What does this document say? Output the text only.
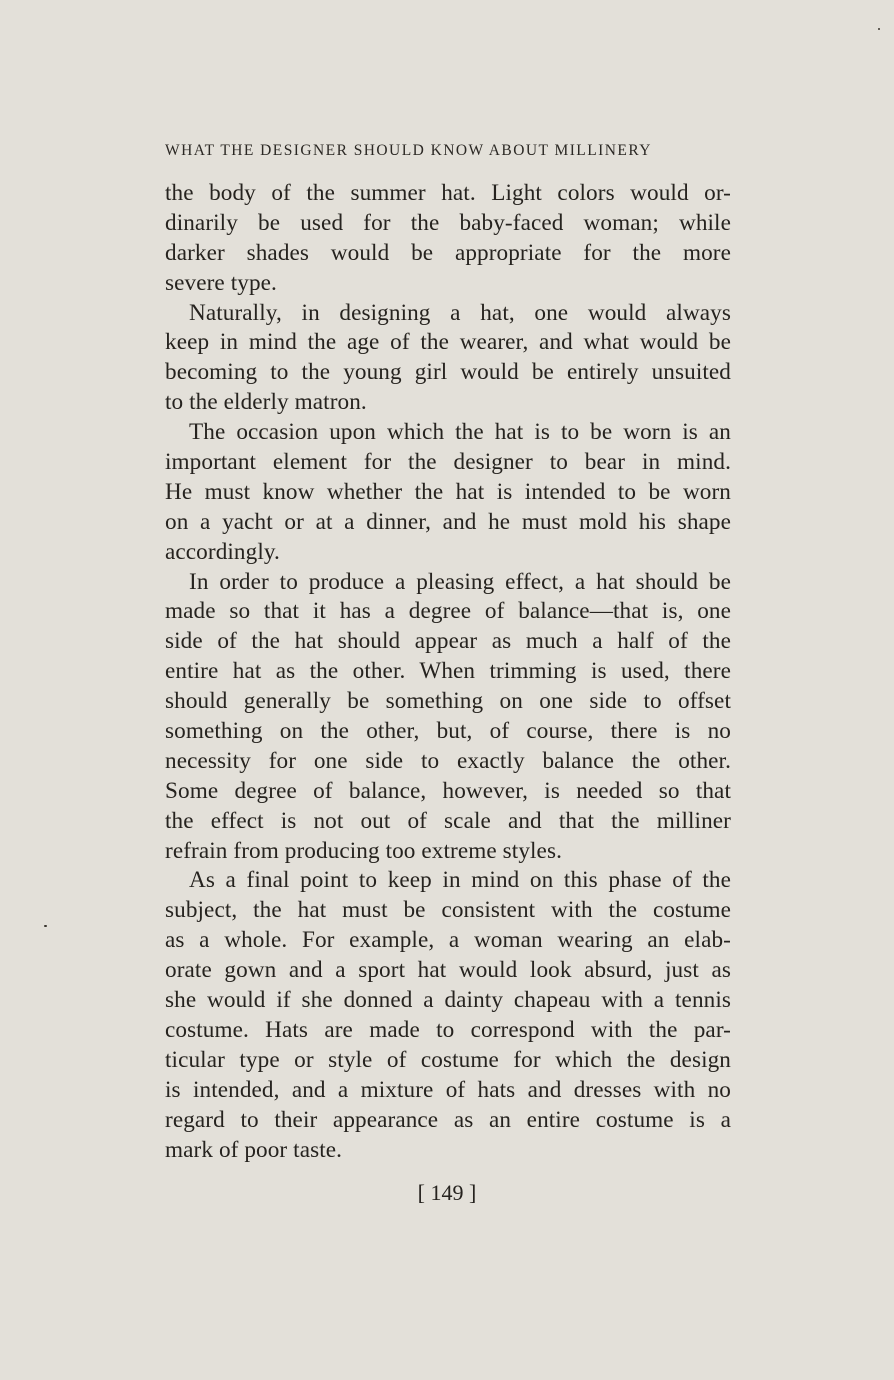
WHAT THE DESIGNER SHOULD KNOW ABOUT MILLINERY
the body of the summer hat. Light colors would or-
dinarily be used for the baby-faced woman; while
darker shades would be appropriate for the more
severe type.
Naturally, in designing a hat, one would always
keep in mind the age of the wearer, and what would be
becoming to the young girl would be entirely unsuited
to the elderly matron.
The occasion upon which the hat is to be worn is an
important element for the designer to bear in mind.
He must know whether the hat is intended to be worn
on a yacht or at a dinner, and he must mold his shape
accordingly.
In order to produce a pleasing effect, a hat should be
made so that it has a degree of balance—that is, one
side of the hat should appear as much a half of the
entire hat as the other. When trimming is used, there
should generally be something on one side to offset
something on the other, but, of course, there is no
necessity for one side to exactly balance the other.
Some degree of balance, however, is needed so that
the effect is not out of scale and that the milliner
refrain from producing too extreme styles.
As a final point to keep in mind on this phase of the
subject, the hat must be consistent with the costume
as a whole. For example, a woman wearing an elab-
orate gown and a sport hat would look absurd, just as
she would if she donned a dainty chapeau with a tennis
costume. Hats are made to correspond with the par-
ticular type or style of costume for which the design
is intended, and a mixture of hats and dresses with no
regard to their appearance as an entire costume is a
mark of poor taste.
[ 149 ]
